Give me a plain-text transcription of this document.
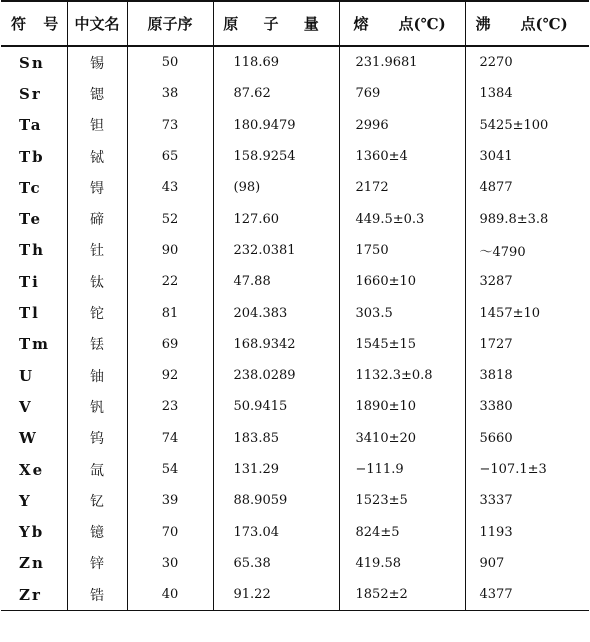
符 号	中文名	原子序	原 子 量	熔　　点(℃)	沸　　点(℃)
Sn	锡	50	118.69	231.9681	2270
Sr	锶	38	87.62	769	1384
Ta	钽	73	180.9479	2996	5425±100
Tb	铽	65	158.9254	1360±4	3041
Tc	锝	43	(98)	2172	4877
Te	碲	52	127.60	449.5±0.3	989.8±3.8
Th	钍	90	232.0381	1750	～4790
Ti	钛	22	47.88	1660±10	3287
Tl	铊	81	204.383	303.5	1457±10
Tm	铥	69	168.9342	1545±15	1727
U	铀	92	238.0289	1132.3±0.8	3818
V	钒	23	50.9415	1890±10	3380
W	钨	74	183.85	3410±20	5660
Xe	氙	54	131.29	−111.9	−107.1±3
Y	钇	39	88.9059	1523±5	3337
Yb	镱	70	173.04	824±5	1193
Zn	锌	30	65.38	419.58	907
Zr	锆	40	91.22	1852±2	4377
